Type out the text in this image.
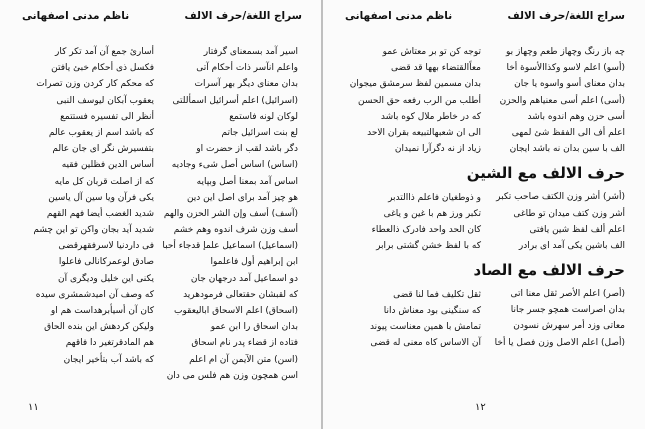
سراج اللغة/حرف الالف
ناظم مدنی اصفهانی
اسیر آمد بسمعنای گرفتار
واعلم انآسر ذات أحكام آتی
بدان معنای دیگر بهر آسرات
(اسرائیل) اعلم أسرائیل اسمأللتی
لوکان لونه فاستمع
لع بنت اسرائیل جاتم
دگر باشد لقب از حضرت او
(اساس) اساس أصل شیء وجادیه
اساس آمد بمعنا أصل وبپایه
هو چیز آمد برای اصل این دین
(آسف) أسف وإن الشر الحزن والهم
أسف وزن شرف اندوه وهم خشم
(اسماعیل) اسماعیل علمإ قدجاء أحبا
ابن إبراهیم أول فاعلموا
دو اسماعیل آمد درجهان جان
که لقبشان حقتعالی فرمودهرید
(اسحاق) اعلم الاسحاق ابالیعقوب
بدان اسحاق را ابن عمو
فتاده از قضاء پدر نام اسحاق
(اسن) متن الآیمن آن ام اعلم
اسن همچون وزن هم فلس می دان
أسارئ جمع آن آمد تکر کار
فکسل ذی أحکام خبئ یافتن
که محکم کار کردن وزن تصرات
یعقوب آبکان لیوسف النبی
أنظر الی تفسیره فستتمع
که باشد اسم از یعقوب عالم
بتفسیرش نگر ای جان عالم
أساس الدین فظلین فقیه
که از اصلت قربان کل مایه
یکی فرآن ویا سین آل یاسین
شدید الغضب أیضا فهم القهم
شدید آید بجان واکن تو این چشم
فی داردنیا لاسرفقهرقضی
صادق لوعمرکانالی فاعلوا
یکنی این خلیل ودیگری آن
که وصف آن امیدشمشری سیده
کان آن أسیأبرهداست هم او
ولیکن کردهش این بنده الحاق
هم المادقرتغیر دا فاقهم
که باشد آب بتأخیر ایجان
۱۱
سراج اللغة/حرف الالف
ناظم مدنی اصفهانی
چه باز رنگ وچهاز طعم وچهاز بو
(أسو) اعلم لاسو وکذاالأسوة أخا
بدان معنای أسو واسوه یا جان
(أسى) اعلم أسى معنیاهم والحزن
أسى حزن وهم اندوه باشد
اعلم أف الی الفقظ شئ لمهی
الف با سین بدان نه باشد ایجان
حرف الالف مع الشین
(أشر) أشر وزن الکتف صاحب تکبر
أشر وزن کتف میدان تو طاغی
اعلم ألف لفظ شین یافتی
الف باشین یکی آمد ای برادر
حرف الالف مع الصاد
(أصر) اعلم الأصر ثقل معنا اتی
بدان اصراست همچو جسر جانا
معاتی وزد أمر سهرش نسودن
(أصل) اعلم الاصل وزن فصل یا أخا
توجه کن تو بر معتاش عمو
معاًالقتضاء بهها قد قضی
بدان مسمین لفظ سرمشق میجوان
أطلب من الرب رفعه حق الحسن
که در خاطر ملال کوه باشد
الی ان شعبهالتبیعه بقران الاحد
زیاد از نه دگرآرا نمیدان
و ذوطغیان فاعلم ذاالتدبر
تکبر ورز هم با غین و یاغی
کان الحد واحد فادرک ذالعطاء
که با لفظ خشن گشتی برابر
ثقل تکلیف فما لنا قضی
که سنگینی بود معناش دانا
تمامش با همین معناست پیوند
آن الاساس کاه معنی له قضی
۱۲
